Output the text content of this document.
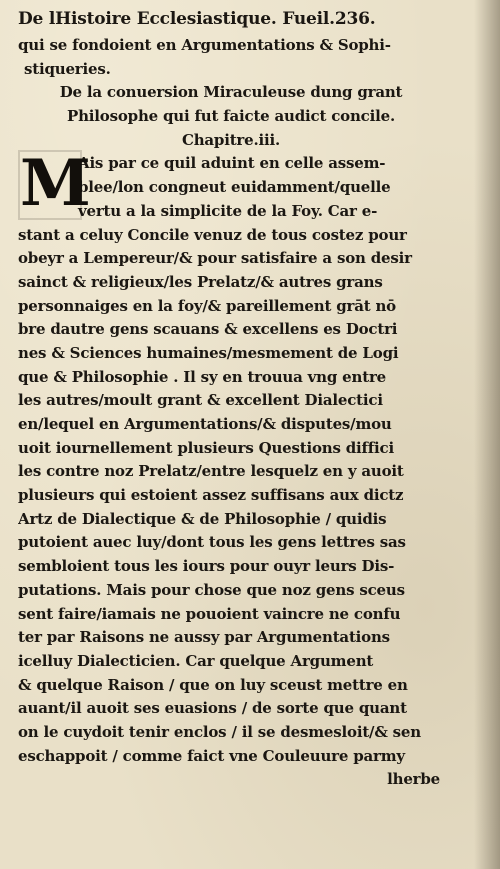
De lHistoire Ecclesiastique. Fueil.236.
qui se fondoient en Argumentations & Sophi-
stiqueries.
De la conuersion Miraculeuse dung grant
Philosophe qui fut faicte audict concile.
Chapitre.iii.
Ais par ce quil aduint en celle assem-
blee/lon congneut euidamment/quelle
vertu a la simplicite de la Foy. Car e-
stant a celuy Concile venuz de tous costez pour
obeyr a Lempereur/& pour satisfaire a son desir
sainct & religieux/les Prelatz/& autres grans
personnaiges en la foy/& pareillement grāt nō
bre dautre gens scauans & excellens es Doctri
nes & Sciences humaines/mesmement de Logi
que & Philosophie . Il sy en trouua vng entre
les autres/moult grant & excellent Dialectici
en/lequel en Argumentations/& disputes/mou
uoit iournellement plusieurs Questions diffici
les contre noz Prelatz/entre lesquelz en y auoit
plusieurs qui estoient assez suffisans aux dictz
Artz de Dialectique & de Philosophie / quidis
putoient auec luy/dont tous les gens lettres sas
sembloient tous les iours pour ouyr leurs Dis-
putations. Mais pour chose que noz gens sceus
sent faire/iamais ne pouoient vaincre ne confu
ter par Raisons ne aussy par Argumentations
icelluy Dialecticien. Car quelque Argument
& quelque Raison / que on luy sceust mettre en
auant/il auoit ses euasions / de sorte que quant
on le cuydoit tenir enclos / il se desmesloit/& sen
eschappoit / comme faict vne Couleuure parmy
lherbe
M
